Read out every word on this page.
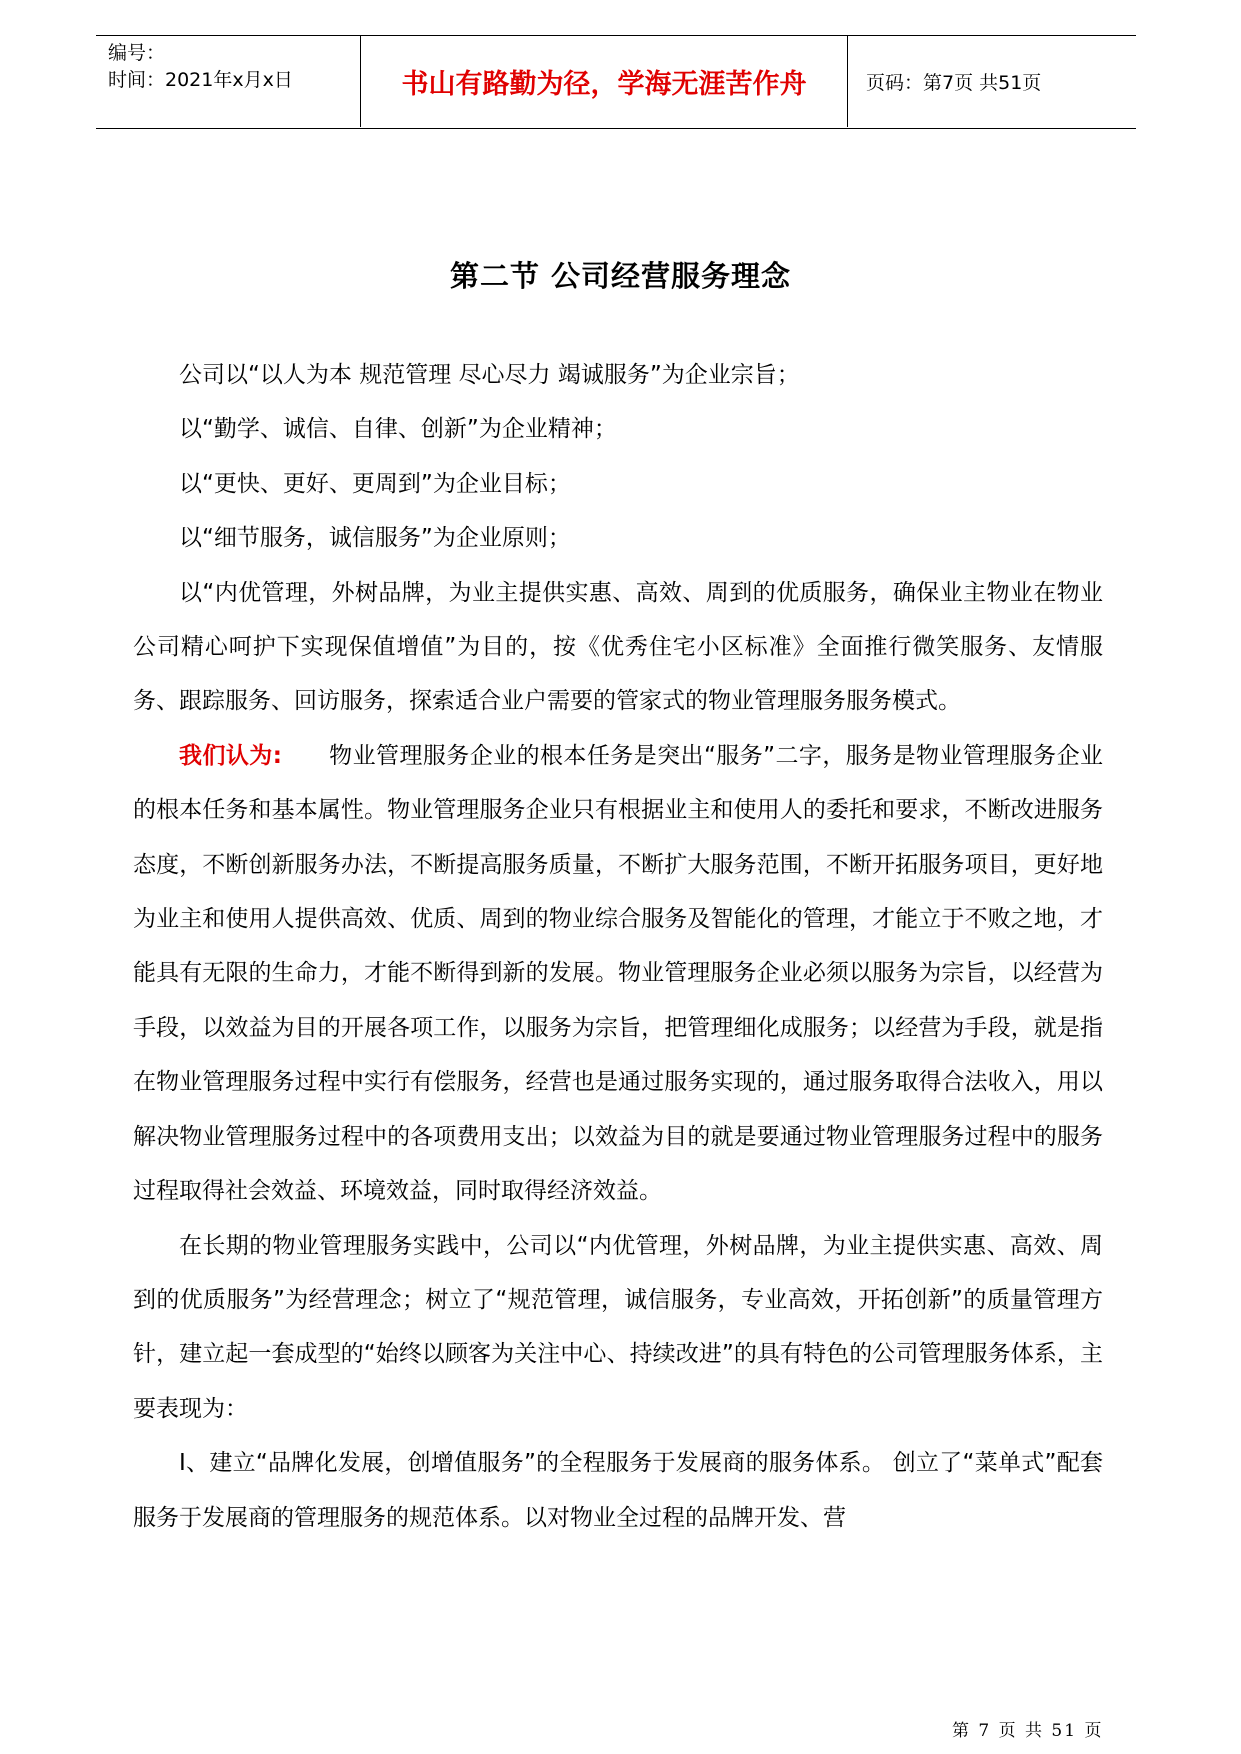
编号：
时间：2021年x月x日	书山有路勤为径，学海无涯苦作舟	页码：第7页 共51页
第二节 公司经营服务理念

公司以“以人为本 规范管理 尽心尽力 竭诚服务”为企业宗旨；

以“勤学、诚信、自律、创新”为企业精神；

以“更快、更好、更周到”为企业目标；

以“细节服务，诚信服务”为企业原则；

以“内优管理，外树品牌，为业主提供实惠、高效、周到的优质服务，确保业主物业在物业公司精心呵护下实现保值增值”为目的，按《优秀住宅小区标准》全面推行微笑服务、友情服务、跟踪服务、回访服务，探索适合业户需要的管家式的物业管理服务服务模式。

我们认为:　　物业管理服务企业的根本任务是突出“服务”二字，服务是物业管理服务企业的根本任务和基本属性。物业管理服务企业只有根据业主和使用人的委托和要求，不断改进服务态度，不断创新服务办法，不断提高服务质量，不断扩大服务范围，不断开拓服务项目，更好地为业主和使用人提供高效、优质、周到的物业综合服务及智能化的管理，才能立于不败之地，才能具有无限的生命力，才能不断得到新的发展。物业管理服务企业必须以服务为宗旨，以经营为手段，以效益为目的开展各项工作，以服务为宗旨，把管理细化成服务；以经营为手段，就是指在物业管理服务过程中实行有偿服务，经营也是通过服务实现的，通过服务取得合法收入，用以解决物业管理服务过程中的各项费用支出；以效益为目的就是要通过物业管理服务过程中的服务过程取得社会效益、环境效益，同时取得经济效益。

在长期的物业管理服务实践中，公司以“内优管理，外树品牌，为业主提供实惠、高效、周到的优质服务”为经营理念；树立了“规范管理，诚信服务，专业高效，开拓创新”的质量管理方针，建立起一套成型的“始终以顾客为关注中心、持续改进”的具有特色的公司管理服务体系，主要表现为：

Ⅰ、建立“品牌化发展，创增值服务”的全程服务于发展商的服务体系。 创立了“菜单式”配套服务于发展商的管理服务的规范体系。以对物业全过程的品牌开发、营

第 7 页 共 51 页
